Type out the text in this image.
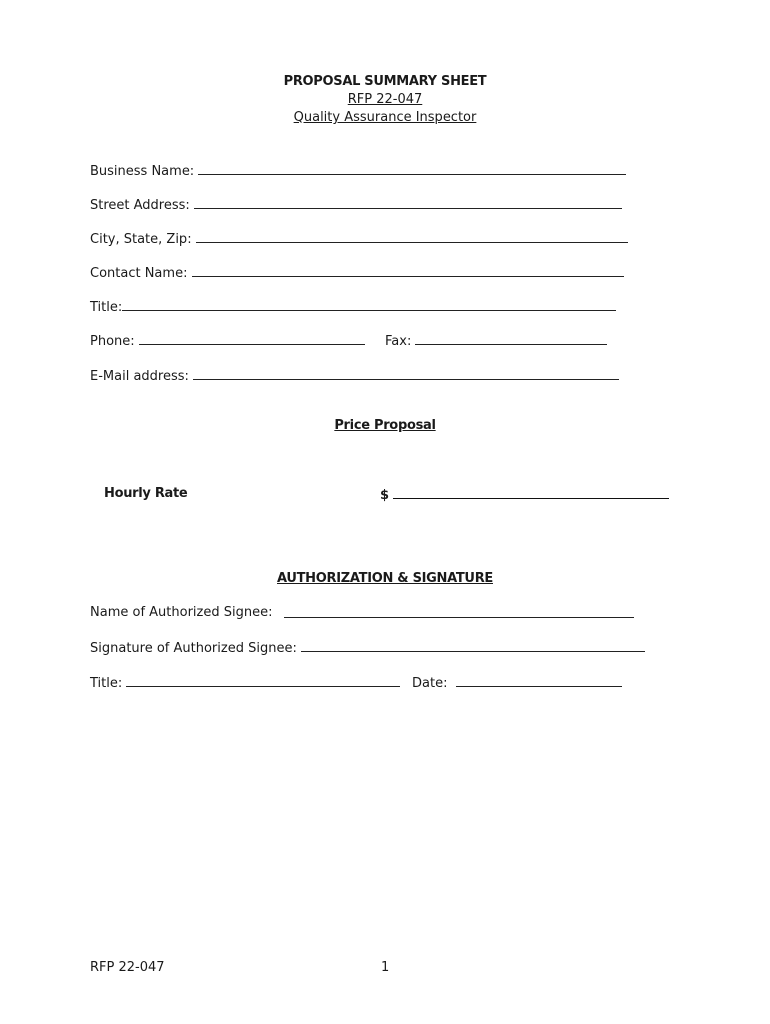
PROPOSAL SUMMARY SHEET
RFP 22-047
Quality Assurance Inspector
Business Name:
Street Address:
City, State, Zip:
Contact Name:
Title:
Phone:	Fax:
E-Mail address:
Price Proposal
Hourly Rate	$
AUTHORIZATION & SIGNATURE
Name of Authorized Signee:
Signature of Authorized Signee:
Title:	Date:
RFP 22-047	1
